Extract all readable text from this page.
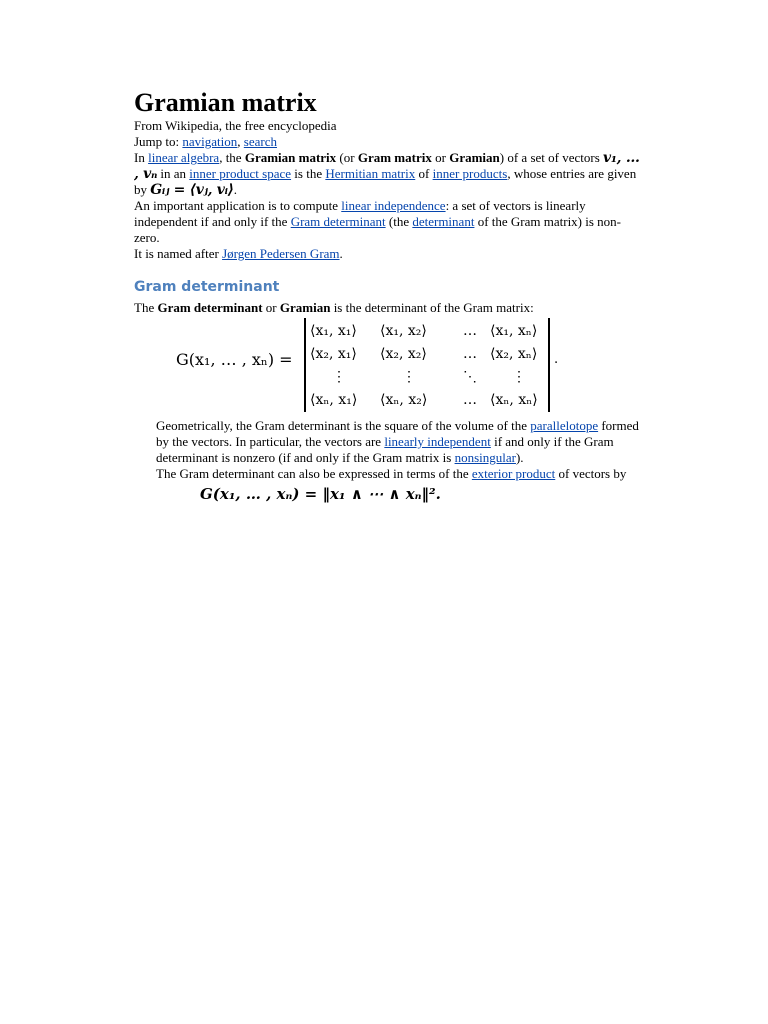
Gramian matrix

From Wikipedia, the free encyclopedia

Jump to: navigation, search

In linear algebra, the Gramian matrix (or Gram matrix or Gramian) of a set of vectors v₁, … , vₙ in an inner product space is the Hermitian matrix of inner products, whose entries are given by Gᵢⱼ = ⟨vⱼ, vᵢ⟩.

An important application is to compute linear independence: a set of vectors is linearly independent if and only if the Gram determinant (the determinant of the Gram matrix) is non-zero.

It is named after Jørgen Pedersen Gram.

Gram determinant

The Gram determinant or Gramian is the determinant of the Gram matrix:

G(x₁, … , xₙ) =
⟨x₁, x₁⟩ ⟨x₁, x₂⟩	… ⟨x₁, xₙ⟩
⟨x₂, x₁⟩ ⟨x₂, x₂⟩	… ⟨x₂, xₙ⟩
⋮	⋮	⋱	⋮
⟨xₙ, x₁⟩ ⟨xₙ, x₂⟩	… ⟨xₙ, xₙ⟩
.

Geometrically, the Gram determinant is the square of the volume of the parallelotope formed by the vectors. In particular, the vectors are linearly independent if and only if the Gram determinant is nonzero (if and only if the Gram matrix is nonsingular).

The Gram determinant can also be expressed in terms of the exterior product of vectors by

G(x₁, … , xₙ) = ‖x₁ ∧ ⋯ ∧ xₙ‖².
